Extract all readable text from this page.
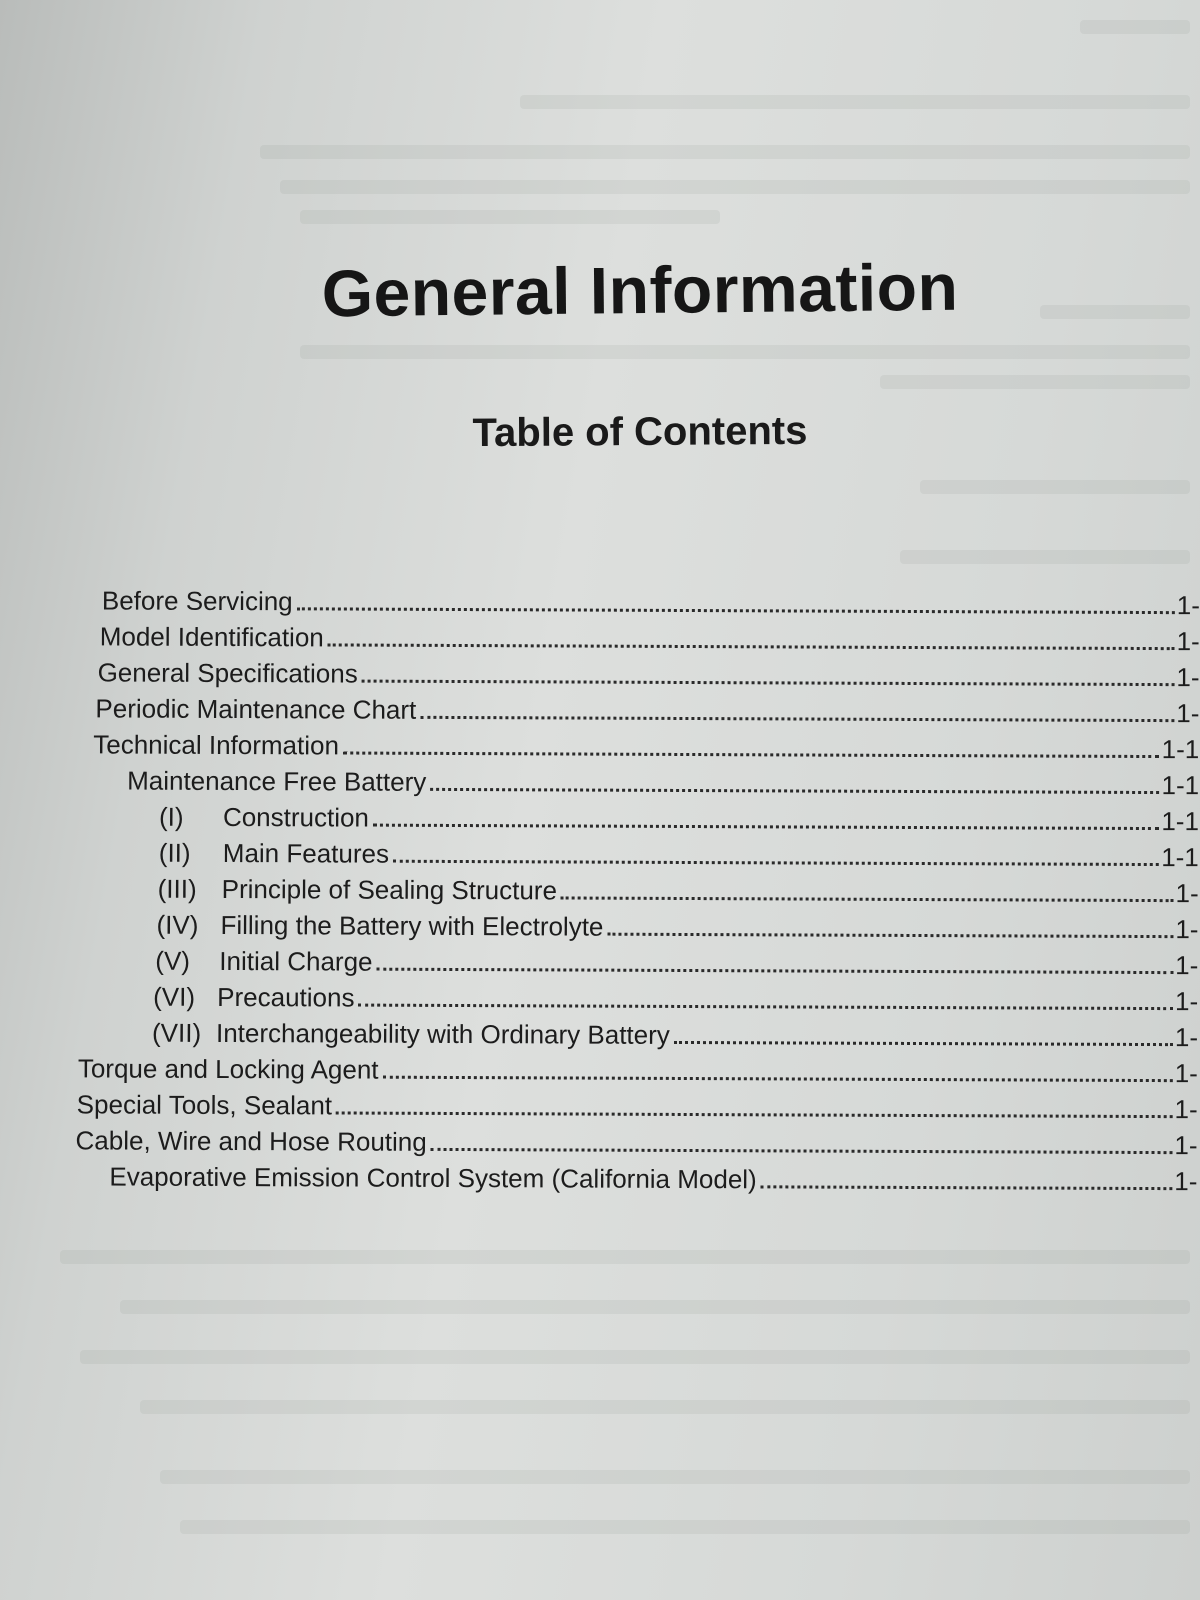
General Information
Table of Contents
Before Servicing	1-
Model Identification	1-
General Specifications	1-
Periodic Maintenance Chart	1-
Technical Information	1-1
Maintenance Free Battery	1-1
(I) Construction	1-1
(II) Main Features	1-1
(III) Principle of Sealing Structure	1-
(IV) Filling the Battery with Electrolyte	1-
(V) Initial Charge	1-
(VI) Precautions	1-
(VII) Interchangeability with Ordinary Battery	1-
Torque and Locking Agent	1-
Special Tools, Sealant	1-
Cable, Wire and Hose Routing	1-
Evaporative Emission Control System (California Model)	1-
